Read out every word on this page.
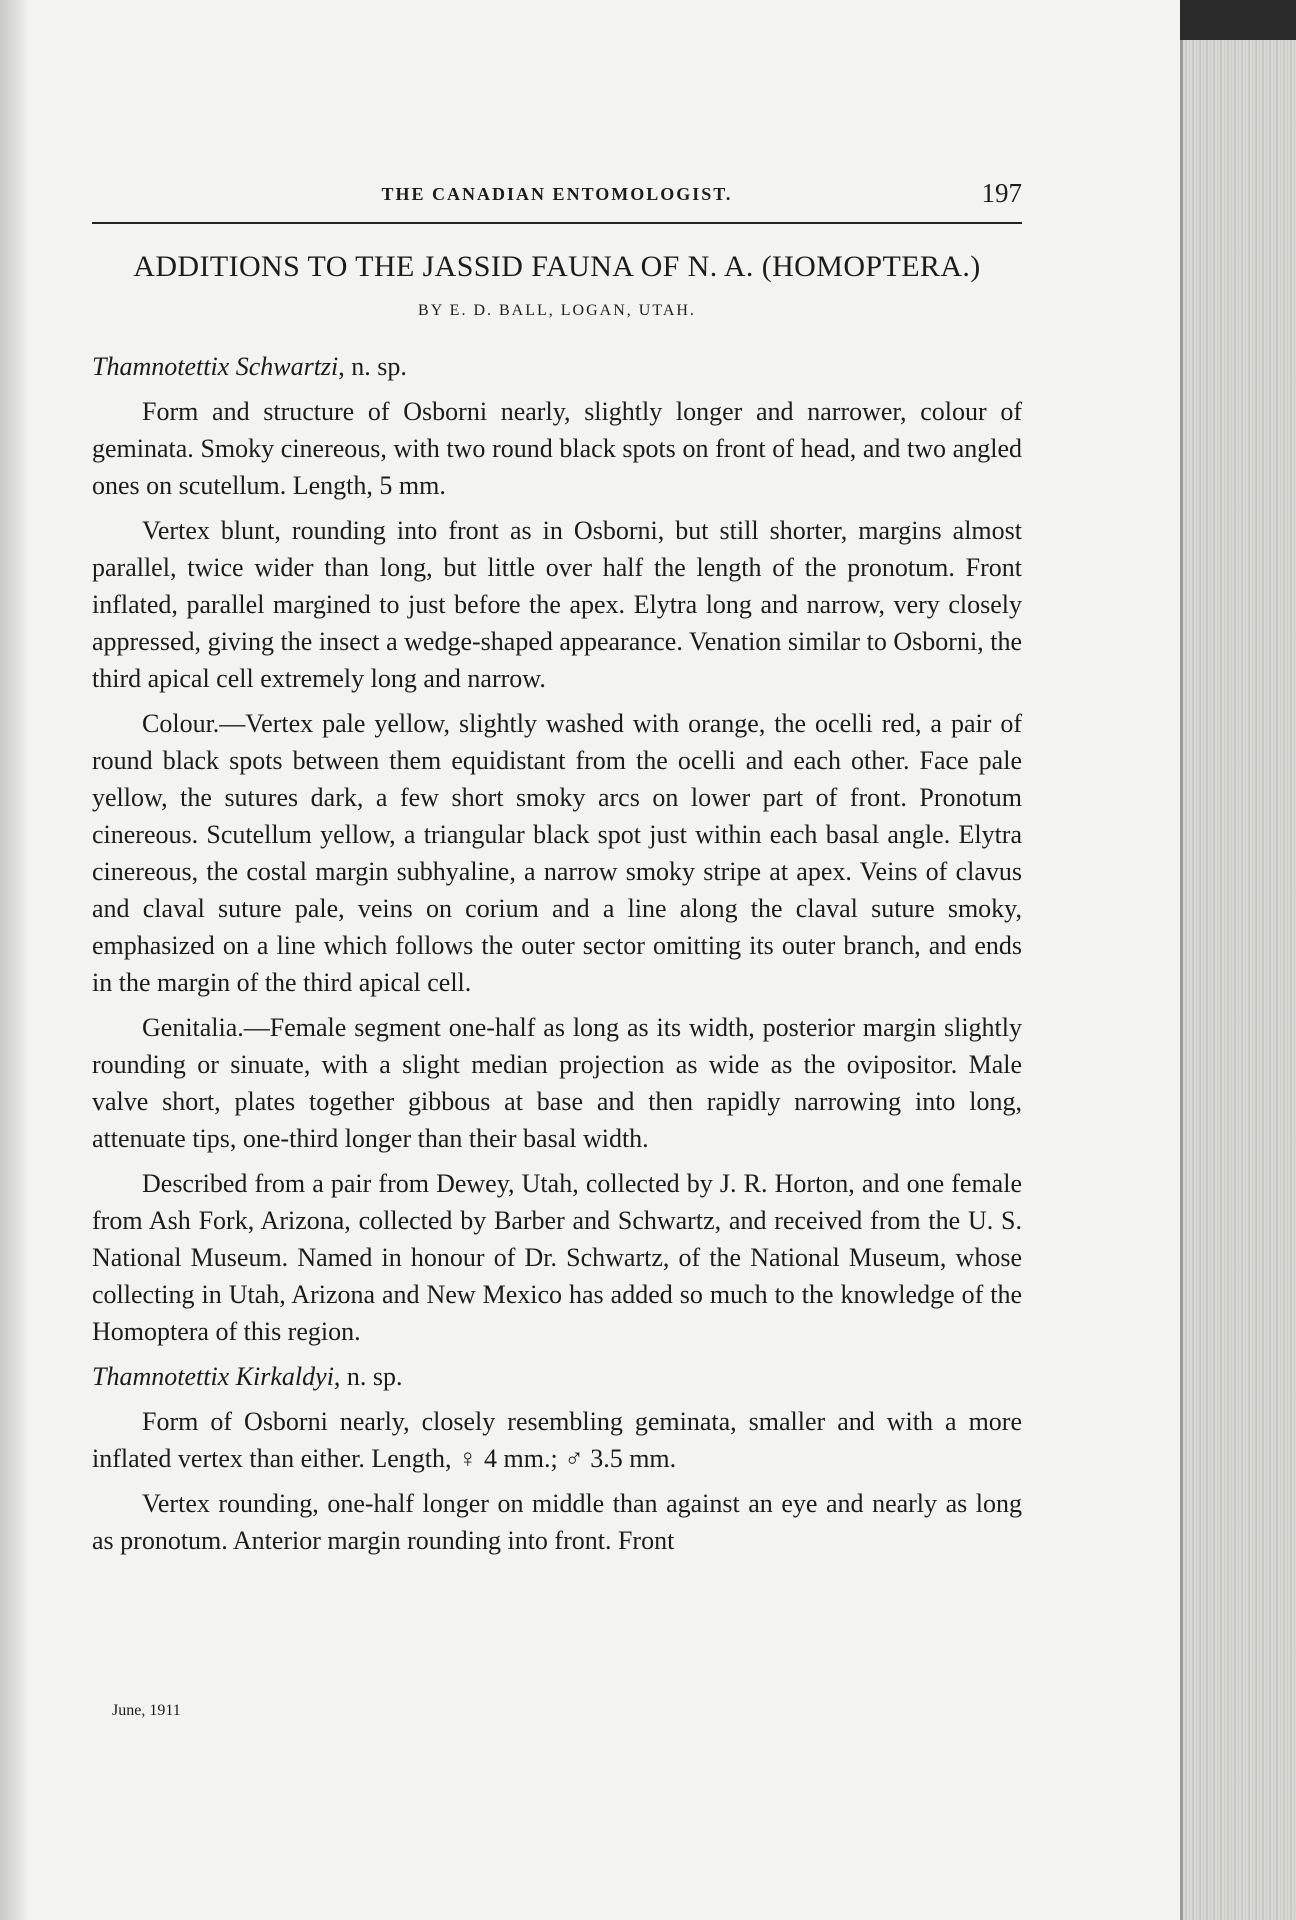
THE CANADIAN ENTOMOLOGIST.	197
ADDITIONS TO THE JASSID FAUNA OF N. A. (HOMOPTERA.)
BY E. D. BALL, LOGAN, UTAH.
Thamnotettix Schwartzi, n. sp.

Form and structure of Osborni nearly, slightly longer and narrower, colour of geminata. Smoky cinereous, with two round black spots on front of head, and two angled ones on scutellum. Length, 5 mm.

Vertex blunt, rounding into front as in Osborni, but still shorter, margins almost parallel, twice wider than long, but little over half the length of the pronotum. Front inflated, parallel margined to just before the apex. Elytra long and narrow, very closely appressed, giving the insect a wedge-shaped appearance. Venation similar to Osborni, the third apical cell extremely long and narrow.

Colour.—Vertex pale yellow, slightly washed with orange, the ocelli red, a pair of round black spots between them equidistant from the ocelli and each other. Face pale yellow, the sutures dark, a few short smoky arcs on lower part of front. Pronotum cinereous. Scutellum yellow, a triangular black spot just within each basal angle. Elytra cinereous, the costal margin subhyaline, a narrow smoky stripe at apex. Veins of clavus and claval suture pale, veins on corium and a line along the claval suture smoky, emphasized on a line which follows the outer sector omitting its outer branch, and ends in the margin of the third apical cell.

Genitalia.—Female segment one-half as long as its width, posterior margin slightly rounding or sinuate, with a slight median projection as wide as the ovipositor. Male valve short, plates together gibbous at base and then rapidly narrowing into long, attenuate tips, one-third longer than their basal width.

Described from a pair from Dewey, Utah, collected by J. R. Horton, and one female from Ash Fork, Arizona, collected by Barber and Schwartz, and received from the U. S. National Museum. Named in honour of Dr. Schwartz, of the National Museum, whose collecting in Utah, Arizona and New Mexico has added so much to the knowledge of the Homoptera of this region.

Thamnotettix Kirkaldyi, n. sp.

Form of Osborni nearly, closely resembling geminata, smaller and with a more inflated vertex than either. Length, ♀ 4 mm.; ♂ 3.5 mm.

Vertex rounding, one-half longer on middle than against an eye and nearly as long as pronotum. Anterior margin rounding into front. Front

June, 1911
